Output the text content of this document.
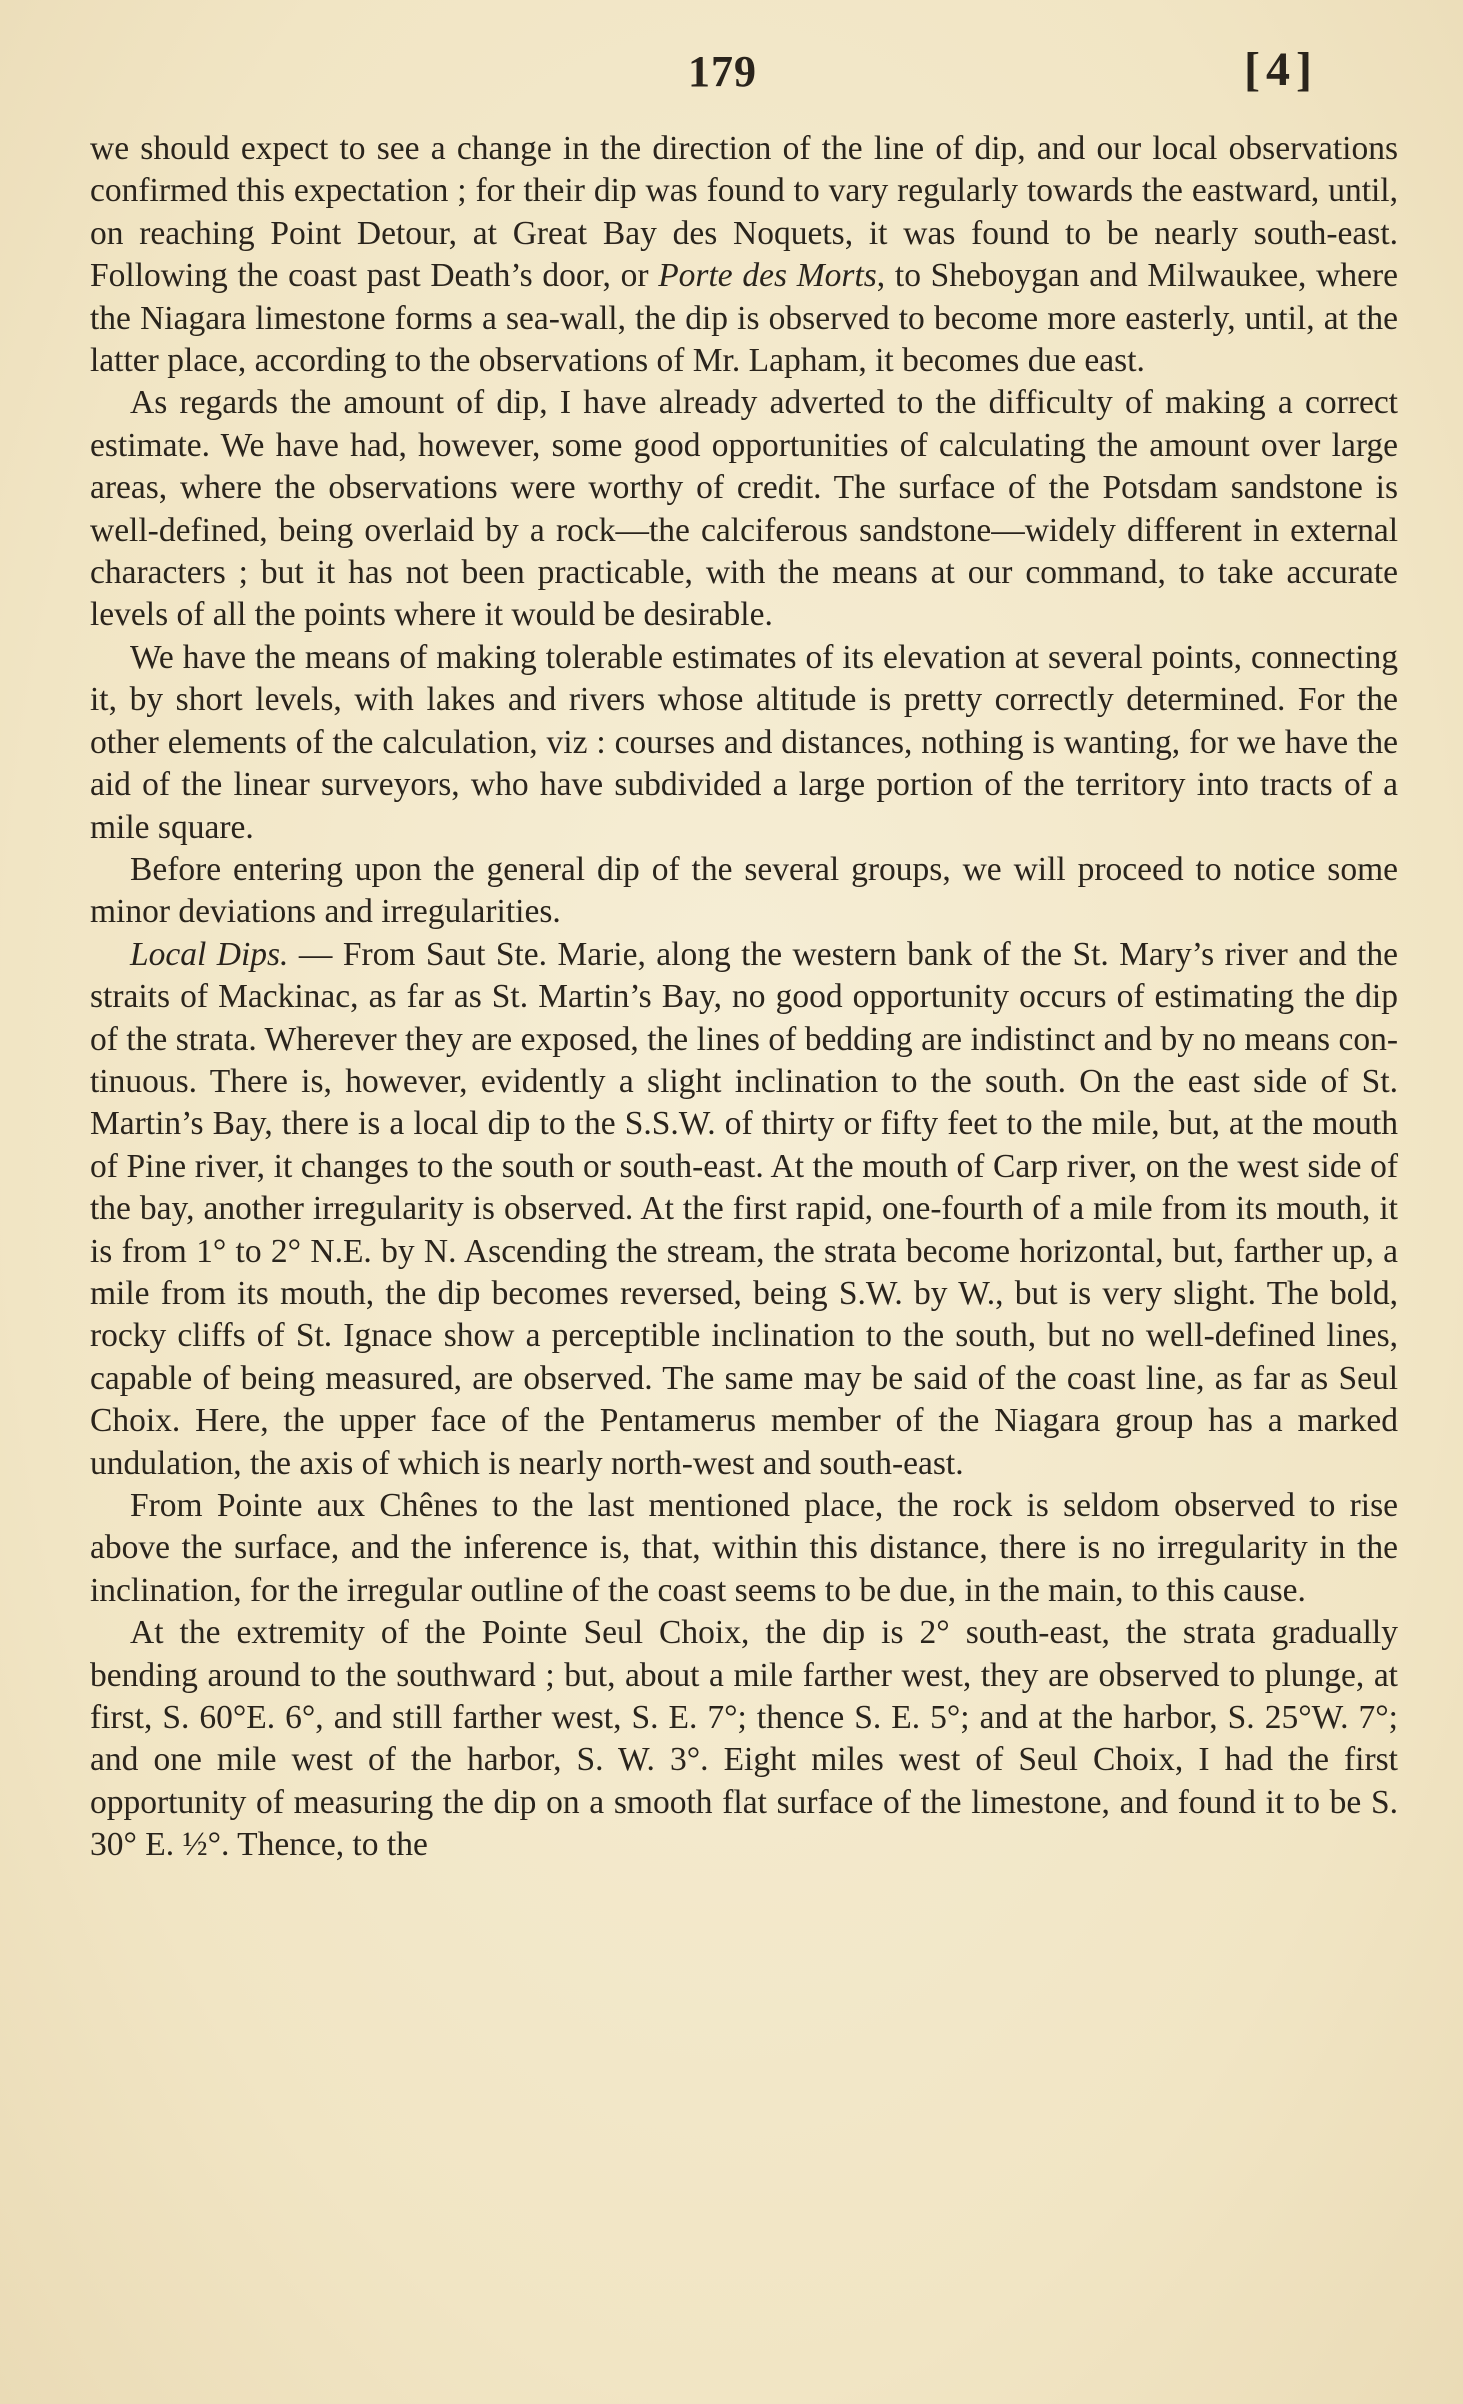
179	[4]

we should expect to see a change in the direction of the line of dip, and our local observations confirmed this expectation ; for their dip was found to vary regularly towards the eastward, until, on reaching Point Detour, at Great Bay des Noquets, it was found to be nearly south-east. Following the coast past Death’s door, or Porte des Morts, to Sheboygan and Milwaukee, where the Niagara limestone forms a sea-wall, the dip is observed to become more easterly, until, at the latter place, according to the observations of Mr. Lapham, it becomes due east.

As regards the amount of dip, I have already adverted to the difficulty of making a correct estimate. We have had, however, some good opportunities of calculating the amount over large areas, where the observations were worthy of credit. The surface of the Potsdam sandstone is well-defined, being overlaid by a rock—the calciferous sandstone—widely different in external characters ; but it has not been practicable, with the means at our command, to take accurate levels of all the points where it would be desirable.

We have the means of making tolerable estimates of its elevation at several points, connecting it, by short levels, with lakes and rivers whose altitude is pretty correctly determined. For the other elements of the calculation, viz : courses and distances, nothing is wanting, for we have the aid of the linear surveyors, who have subdivided a large portion of the territory into tracts of a mile square.

Before entering upon the general dip of the several groups, we will proceed to notice some minor deviations and irregularities.

Local Dips. — From Saut Ste. Marie, along the western bank of the St. Mary’s river and the straits of Mackinac, as far as St. Martin’s Bay, no good opportunity occurs of estimating the dip of the strata. Wherever they are exposed, the lines of bedding are indistinct and by no means continuous. There is, however, evidently a slight inclination to the south. On the east side of St. Martin’s Bay, there is a local dip to the S.S.W. of thirty or fifty feet to the mile, but, at the mouth of Pine river, it changes to the south or south-east. At the mouth of Carp river, on the west side of the bay, another irregularity is observed. At the first rapid, one-fourth of a mile from its mouth, it is from 1° to 2° N.E. by N. Ascending the stream, the strata become horizontal, but, farther up, a mile from its mouth, the dip becomes reversed, being S.W. by W., but is very slight. The bold, rocky cliffs of St. Ignace show a perceptible inclination to the south, but no well-defined lines, capable of being measured, are observed. The same may be said of the coast line, as far as Seul Choix. Here, the upper face of the Pentamerus member of the Niagara group has a marked undulation, the axis of which is nearly north-west and south-east.

From Pointe aux Chênes to the last mentioned place, the rock is seldom observed to rise above the surface, and the inference is, that, within this distance, there is no irregularity in the inclination, for the irregular outline of the coast seems to be due, in the main, to this cause.

At the extremity of the Pointe Seul Choix, the dip is 2° south-east, the strata gradually bending around to the southward ; but, about a mile farther west, they are observed to plunge, at first, S. 60°E. 6°, and still farther west, S. E. 7°; thence S. E. 5°; and at the harbor, S. 25°W. 7°; and one mile west of the harbor, S. W. 3°. Eight miles west of Seul Choix, I had the first opportunity of measuring the dip on a smooth flat surface of the limestone, and found it to be S. 30° E. ½°. Thence, to the
